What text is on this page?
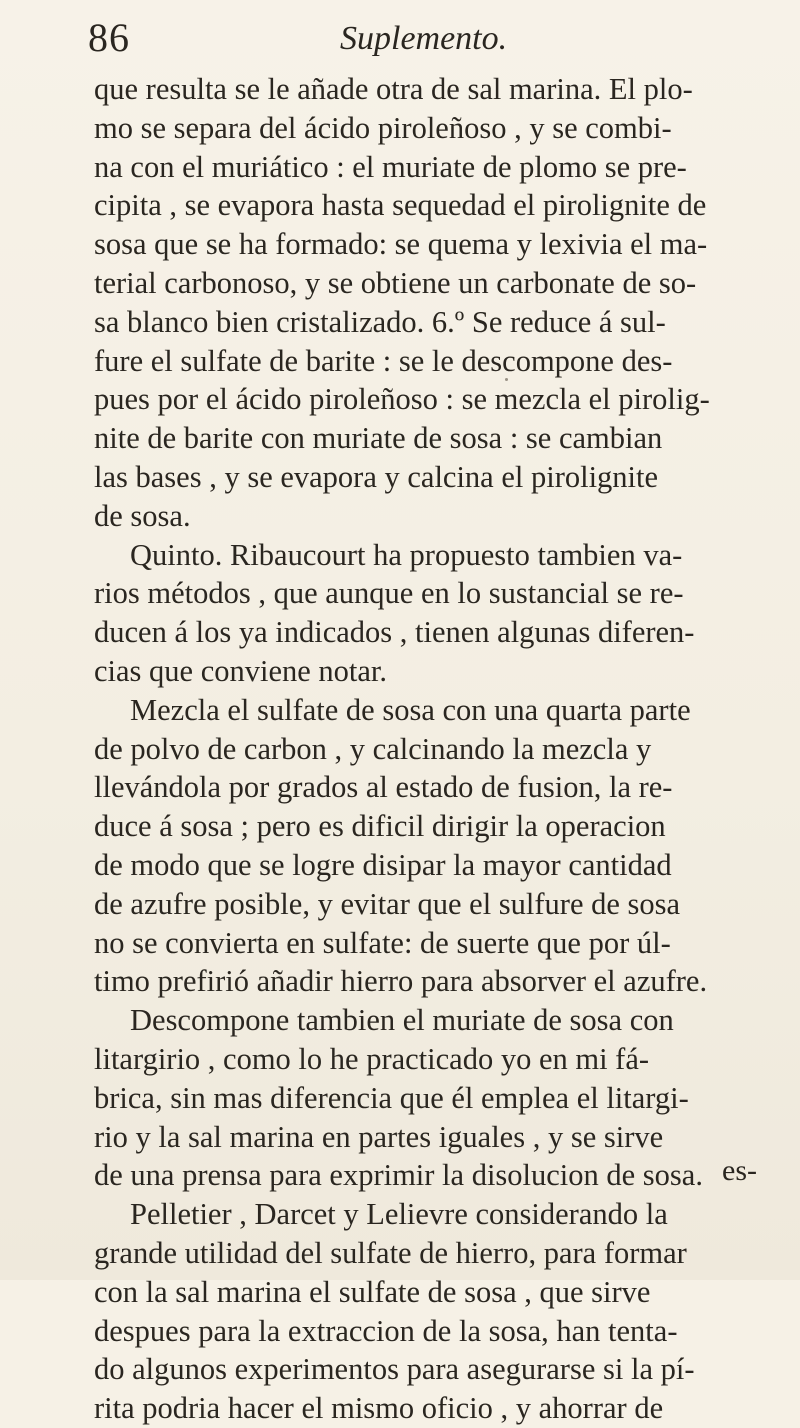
86	Suplemento.
que resulta se le añade otra de sal marina. El plo-
mo se separa del ácido piroleñoso , y se combi-
na con el muriático : el muriate de plomo se pre-
cipita , se evapora hasta sequedad el pirolignite de
sosa que se ha formado: se quema y lexivia el ma-
terial carbonoso, y se obtiene un carbonate de so-
sa blanco bien cristalizado. 6.º Se reduce á sul-
fure el sulfate de barite : se le descompone des-
pues por el ácido piroleñoso : se mezcla el pirolig-
nite de barite con muriate de sosa : se cambian
las bases , y se evapora y calcina el pirolignite
de sosa.
Quinto. Ribaucourt ha propuesto tambien va-
rios métodos , que aunque en lo sustancial se re-
ducen á los ya indicados , tienen algunas diferen-
cias que conviene notar.
Mezcla el sulfate de sosa con una quarta parte
de polvo de carbon , y calcinando la mezcla y
llevándola por grados al estado de fusion, la re-
duce á sosa ; pero es dificil dirigir la operacion
de modo que se logre disipar la mayor cantidad
de azufre posible, y evitar que el sulfure de sosa
no se convierta en sulfate: de suerte que por úl-
timo prefirió añadir hierro para absorver el azufre.
Descompone tambien el muriate de sosa con
litargirio , como lo he practicado yo en mi fá-
brica, sin mas diferencia que él emplea el litargi-
rio y la sal marina en partes iguales , y se sirve
de una prensa para exprimir la disolucion de sosa.
Pelletier , Darcet y Lelievre considerando la
grande utilidad del sulfate de hierro, para formar
con la sal marina el sulfate de sosa , que sirve
despues para la extraccion de la sosa, han tenta-
do algunos experimentos para asegurarse si la pí-
rita podria hacer el mismo oficio , y ahorrar de
es-
